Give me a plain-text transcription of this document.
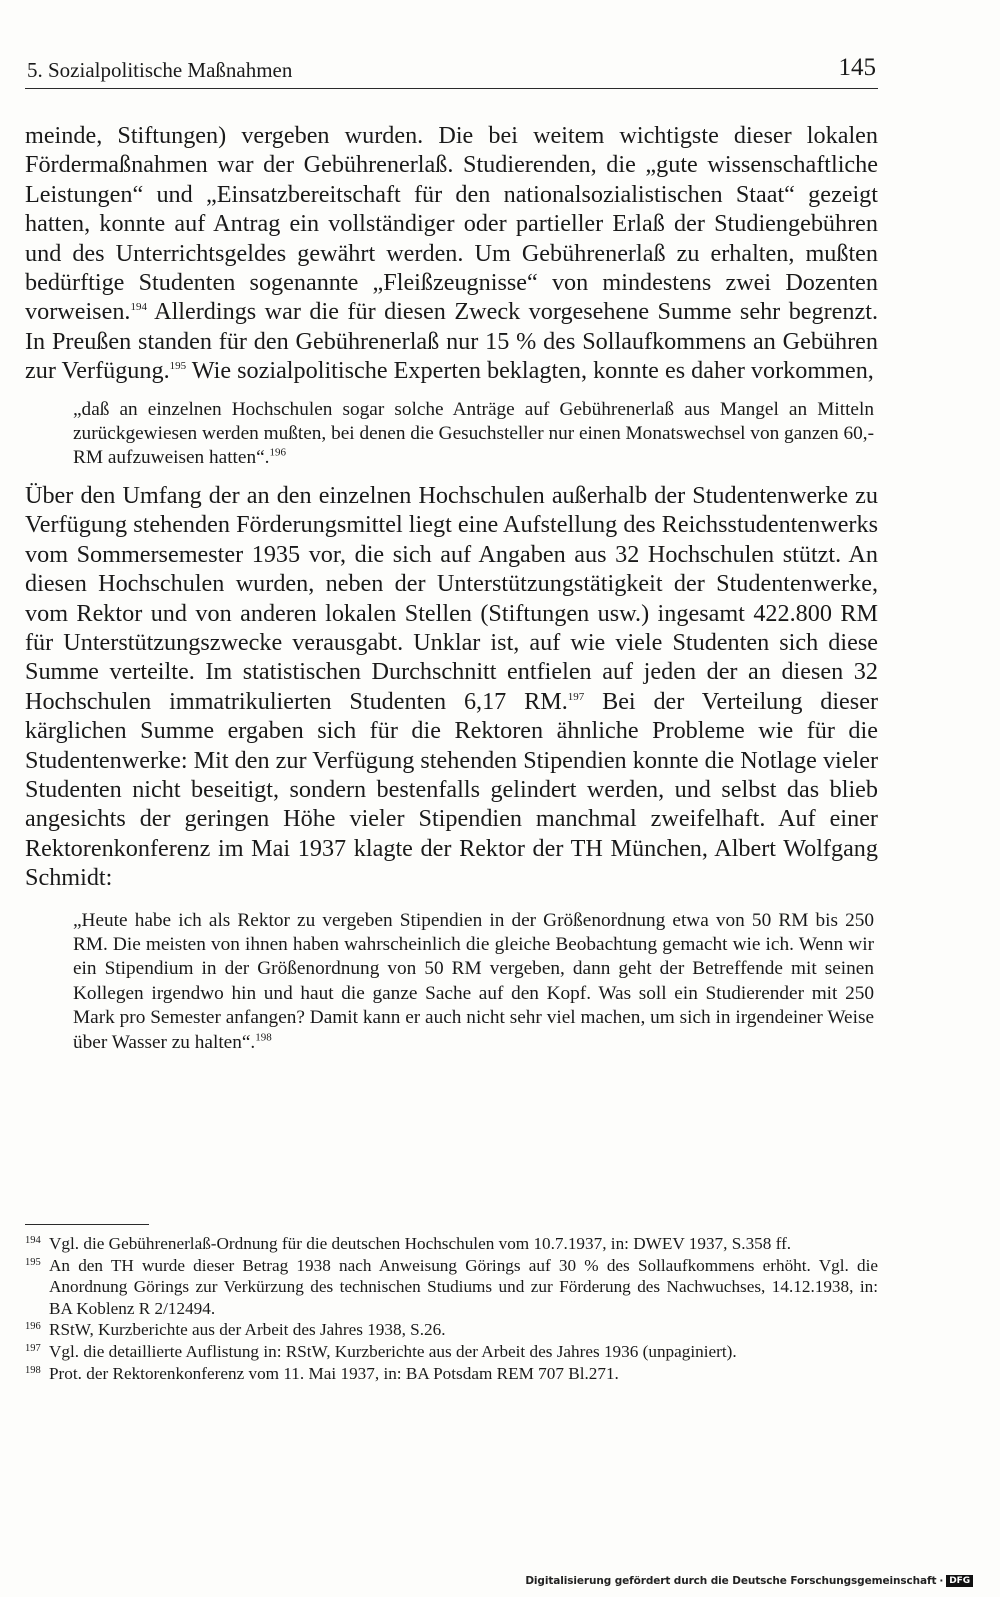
5. Sozialpolitische Maßnahmen	145

meinde, Stiftungen) vergeben wurden. Die bei weitem wichtigste dieser lokalen Fördermaßnahmen war der Gebührenerlaß. Studierenden, die „gute wissenschaftliche Leistungen“ und „Einsatzbereitschaft für den nationalsozialistischen Staat“ gezeigt hatten, konnte auf Antrag ein vollständiger oder partieller Erlaß der Studiengebühren und des Unterrichtsgeldes gewährt werden. Um Gebührenerlaß zu erhalten, mußten bedürftige Studenten sogenannte „Fleißzeugnisse“ von mindestens zwei Dozenten vorweisen.$^{194}$ Allerdings war die für diesen Zweck vorgesehene Summe sehr begrenzt. In Preußen standen für den Gebührenerlaß nur 15 % des Sollaufkommens an Gebühren zur Verfügung.$^{195}$ Wie sozialpolitische Experten beklagten, konnte es daher vorkommen,

„daß an einzelnen Hochschulen sogar solche Anträge auf Gebührenerlaß aus Mangel an Mitteln zurückgewiesen werden mußten, bei denen die Gesuchsteller nur einen Monatswechsel von ganzen 60,- RM aufzuweisen hatten“.$^{196}$

Über den Umfang der an den einzelnen Hochschulen außerhalb der Studentenwerke zu Verfügung stehenden Förderungsmittel liegt eine Aufstellung des Reichsstudentenwerks vom Sommersemester 1935 vor, die sich auf Angaben aus 32 Hochschulen stützt. An diesen Hochschulen wurden, neben der Unterstützungstätigkeit der Studentenwerke, vom Rektor und von anderen lokalen Stellen (Stiftungen usw.) ingesamt 422.800 RM für Unterstützungszwecke verausgabt. Unklar ist, auf wie viele Studenten sich diese Summe verteilte. Im statistischen Durchschnitt entfielen auf jeden der an diesen 32 Hochschulen immatrikulierten Studenten 6,17 RM.$^{197}$ Bei der Verteilung dieser kärglichen Summe ergaben sich für die Rektoren ähnliche Probleme wie für die Studentenwerke: Mit den zur Verfügung stehenden Stipendien konnte die Notlage vieler Studenten nicht beseitigt, sondern bestenfalls gelindert werden, und selbst das blieb angesichts der geringen Höhe vieler Stipendien manchmal zweifelhaft. Auf einer Rektorenkonferenz im Mai 1937 klagte der Rektor der TH München, Albert Wolfgang Schmidt:

„Heute habe ich als Rektor zu vergeben Stipendien in der Größenordnung etwa von 50 RM bis 250 RM. Die meisten von ihnen haben wahrscheinlich die gleiche Beobachtung gemacht wie ich. Wenn wir ein Stipendium in der Größenordnung von 50 RM vergeben, dann geht der Betreffende mit seinen Kollegen irgendwo hin und haut die ganze Sache auf den Kopf. Was soll ein Studierender mit 250 Mark pro Semester anfangen? Damit kann er auch nicht sehr viel machen, um sich in irgendeiner Weise über Wasser zu halten“.$^{198}$
194 Vgl. die Gebührenerlaß-Ordnung für die deutschen Hochschulen vom 10.7.1937, in: DWEV 1937, S.358 ff.
195 An den TH wurde dieser Betrag 1938 nach Anweisung Görings auf 30 % des Sollaufkommens erhöht. Vgl. die Anordnung Görings zur Verkürzung des technischen Studiums und zur Förderung des Nachwuchses, 14.12.1938, in: BA Koblenz R 2/12494.
196 RStW, Kurzberichte aus der Arbeit des Jahres 1938, S.26.
197 Vgl. die detaillierte Auflistung in: RStW, Kurzberichte aus der Arbeit des Jahres 1936 (unpaginiert).
198 Prot. der Rektorenkonferenz vom 11. Mai 1937, in: BA Potsdam REM 707 Bl.271.
Digitalisierung gefördert durch die Deutsche Forschungsgemeinschaft · DFG
